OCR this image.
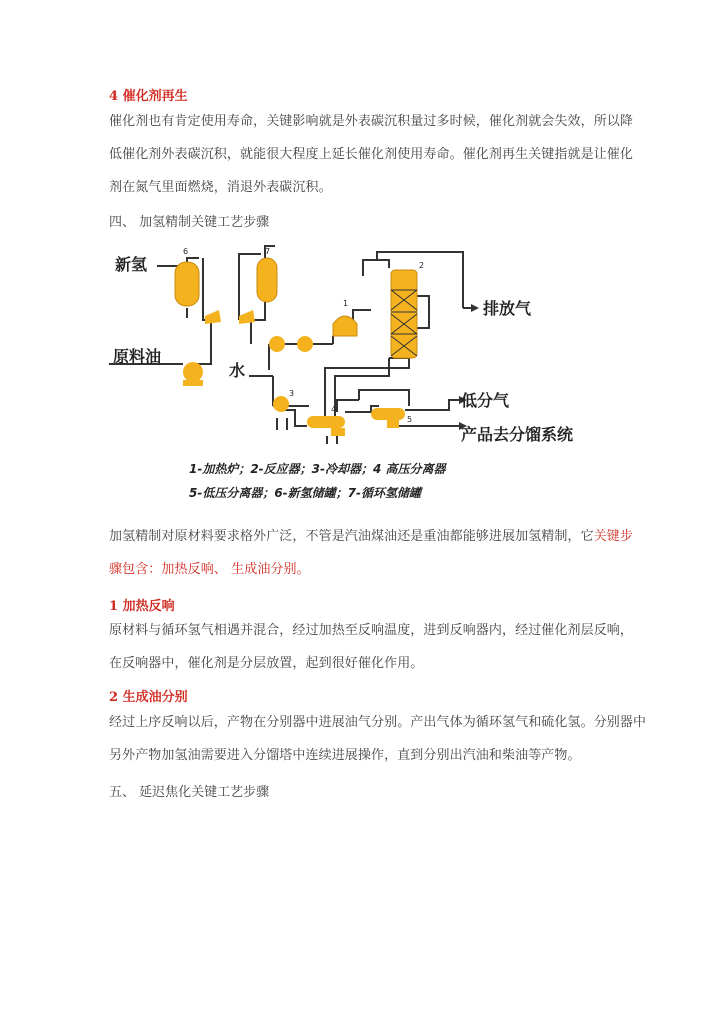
4 催化剂再生
催化剂也有肯定使用寿命，关键影响就是外表碳沉积量过多时候，催化剂就会失效，所以降
低催化剂外表碳沉积，就能很大程度上延长催化剂使用寿命。催化剂再生关键指就是让催化
剂在氮气里面燃烧，消退外表碳沉积。
四、 加氢精制关键工艺步骤
新氢
原料油
水
排放气
低分气
产品去分馏系统
6	7
1
2
3
4
5
1-加热炉；2-反应器；3-冷却器；4 高压分离器
5-低压分离器；6-新氢储罐；7-循环氢储罐
加氢精制对原材料要求格外广泛，不管是汽油煤油还是重油都能够进展加氢精制，它关键步
骤包含：加热反响、 生成油分别。
1 加热反响
原材料与循环氢气相遇并混合，经过加热至反响温度，进到反响器内，经过催化剂层反响，
在反响器中，催化剂是分层放置，起到很好催化作用。
2 生成油分别
经过上序反响以后，产物在分别器中进展油气分别。产出气体为循环氢气和硫化氢。分别器中
另外产物加氢油需要进入分馏塔中连续进展操作，直到分别出汽油和柴油等产物。
五、 延迟焦化关键工艺步骤
